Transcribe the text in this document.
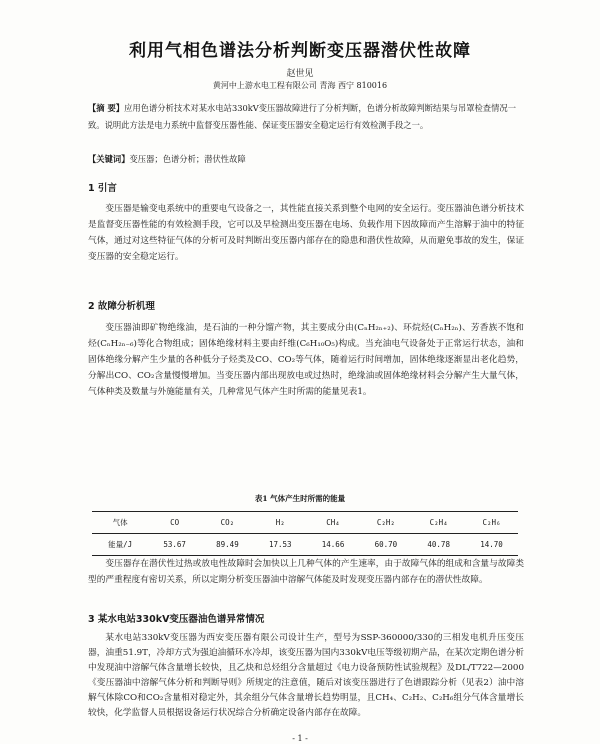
利用气相色谱法分析判断变压器潜伏性故障
赵世见
黄河中上游水电工程有限公司 青海 西宁 810016
【摘 要】应用色谱分析技术对某水电站330kV变压器故障进行了分析判断，色谱分析故障判断结果与吊罩检查情况一致。说明此方法是电力系统中监督变压器性能、保证变压器安全稳定运行有效检测手段之一。
【关键词】变压器；色谱分析；潜伏性故障
1 引言
变压器是输变电系统中的重要电气设备之一，其性能直接关系到整个电网的安全运行。变压器油色谱分析技术是监督变压器性能的有效检测手段，它可以及早检测出变压器在电场、负载作用下因故障而产生溶解于油中的特征气体，通过对这些特征气体的分析可及时判断出变压器内部存在的隐患和潜伏性故障，从而避免事故的发生，保证变压器的安全稳定运行。
2 故障分析机理
变压器油即矿物绝缘油，是石油的一种分馏产物，其主要成分由(CₙH₂ₙ₊₂)、环烷烃(CₙH₂ₙ)、芳香族不饱和烃(CₙH₂ₙ₋₆)等化合物组成；固体绝缘材料主要由纤维(C₆H₁₀O₅)构成。当充油电气设备处于正常运行状态，油和固体绝缘分解产生少量的各种低分子烃类及CO、CO₂等气体，随着运行时间增加，固体绝缘逐渐显出老化趋势，分解出CO、CO₂含量慢慢增加。当变压器内部出现放电或过热时，绝缘油或固体绝缘材料会分解产生大量气体，气体种类及数量与外施能量有关，几种常见气体产生时所需的能量见表1。
表1 气体产生时所需的能量
气体	CO	CO₂	H₂	CH₄	C₂H₂	C₂H₄	C₂H₆
能量/J	53.67	89.49	17.53	14.66	60.70	40.78	14.70
变压器存在潜伏性过热或放电性故障时会加快以上几种气体的产生速率，由于故障气体的组成和含量与故障类型的严重程度有密切关系，所以定期分析变压器油中溶解气体能及时发现变压器内部存在的潜伏性故障。
3 某水电站330kV变压器油色谱异常情况
某水电站330kV变压器为西安变压器有限公司设计生产，型号为SSP-360000/330的三相发电机升压变压器，油重51.9T，冷却方式为强迫油循环水冷却，该变压器为国内330kV电压等级初期产品，在某次定期色谱分析中发现油中溶解气体含量增长较快，且乙炔和总烃组分含量超过《电力设备预防性试验规程》及DL/T722—2000《变压器油中溶解气体分析和判断导则》所规定的注意值，随后对该变压器进行了色谱跟踪分析（见表2）油中溶解气体除CO和CO₂含量相对稳定外，其余组分气体含量增长趋势明显，且CH₄、C₂H₂、C₂H₆组分气体含量增长较快，化学监督人员根据设备运行状况综合分析确定设备内部存在故障。
- 1 -
